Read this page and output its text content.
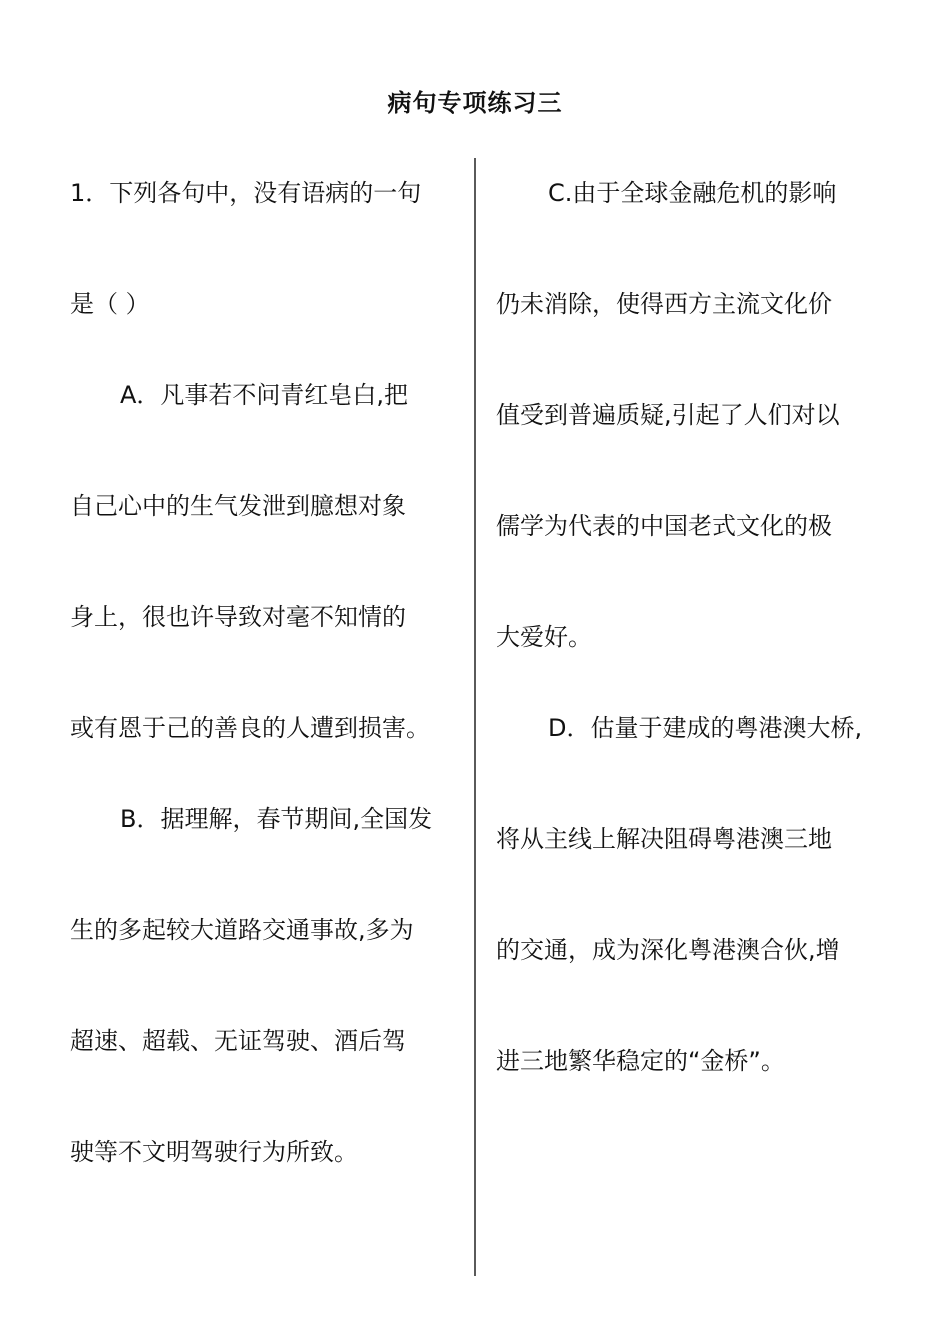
病句专项练习三
1．下列各句中，没有语病的一句
是（ ）
A．凡事若不问青红皂白,把
自己心中的生气发泄到臆想对象
身上，很也许导致对毫不知情的
或有恩于己的善良的人遭到损害。
B．据理解，春节期间,全国发
生的多起较大道路交通事故,多为
超速、超载、无证驾驶、酒后驾
驶等不文明驾驶行为所致。
C.由于全球金融危机的影响
仍未消除，使得西方主流文化价
值受到普遍质疑,引起了人们对以
儒学为代表的中国老式文化的极
大爱好。
D．估量于建成的粤港澳大桥,
将从主线上解决阻碍粤港澳三地
的交通，成为深化粤港澳合伙,增
进三地繁华稳定的“金桥”。
